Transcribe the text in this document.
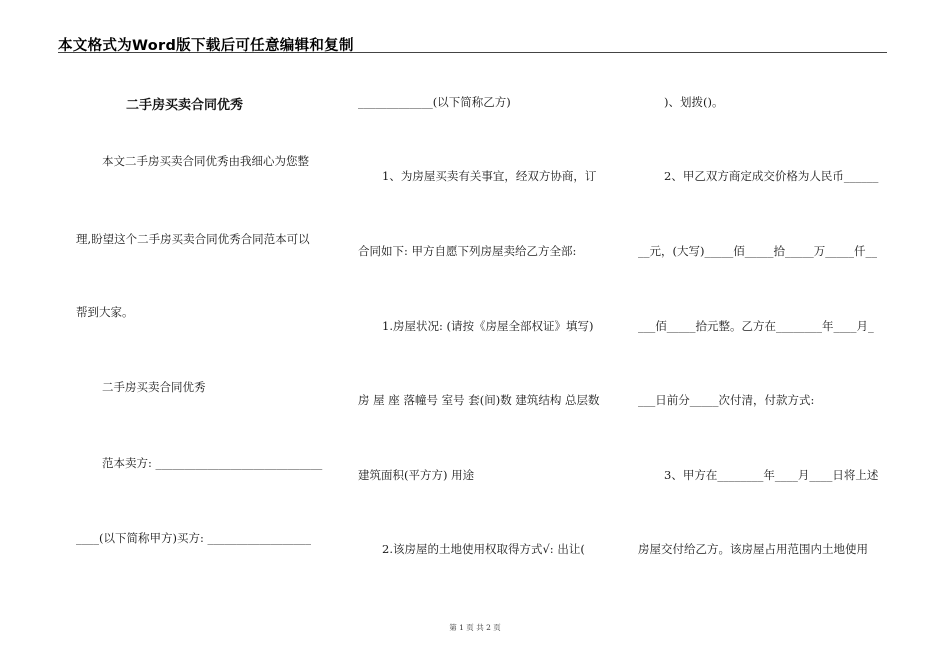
本文格式为Word版下载后可任意编辑和复制
二手房买卖合同优秀
本文二手房买卖合同优秀由我细心为您整
理,盼望这个二手房买卖合同优秀合同范本可以
帮到大家。
二手房买卖合同优秀
范本卖方: _____________________________
____(以下简称甲方)买方: __________________
_____________(以下简称乙方)
1、为房屋买卖有关事宜，经双方协商，订
合同如下: 甲方自愿下列房屋卖给乙方全部:
1.房屋状况: (请按《房屋全部权证》填写)
房 屋 座 落幢号 室号 套(间)数 建筑结构 总层数
建筑面积(平方方) 用途
2.该房屋的土地使用权取得方式√: 出让(
)、划拨()。
2、甲乙双方商定成交价格为人民币______
__元，(大写)_____佰_____拾_____万_____仟__
___佰_____拾元整。乙方在________年____月_
___日前分_____次付清，付款方式:
3、甲方在________年____月____日将上述
房屋交付给乙方。该房屋占用范围内土地使用
第 1 页 共 2 页
